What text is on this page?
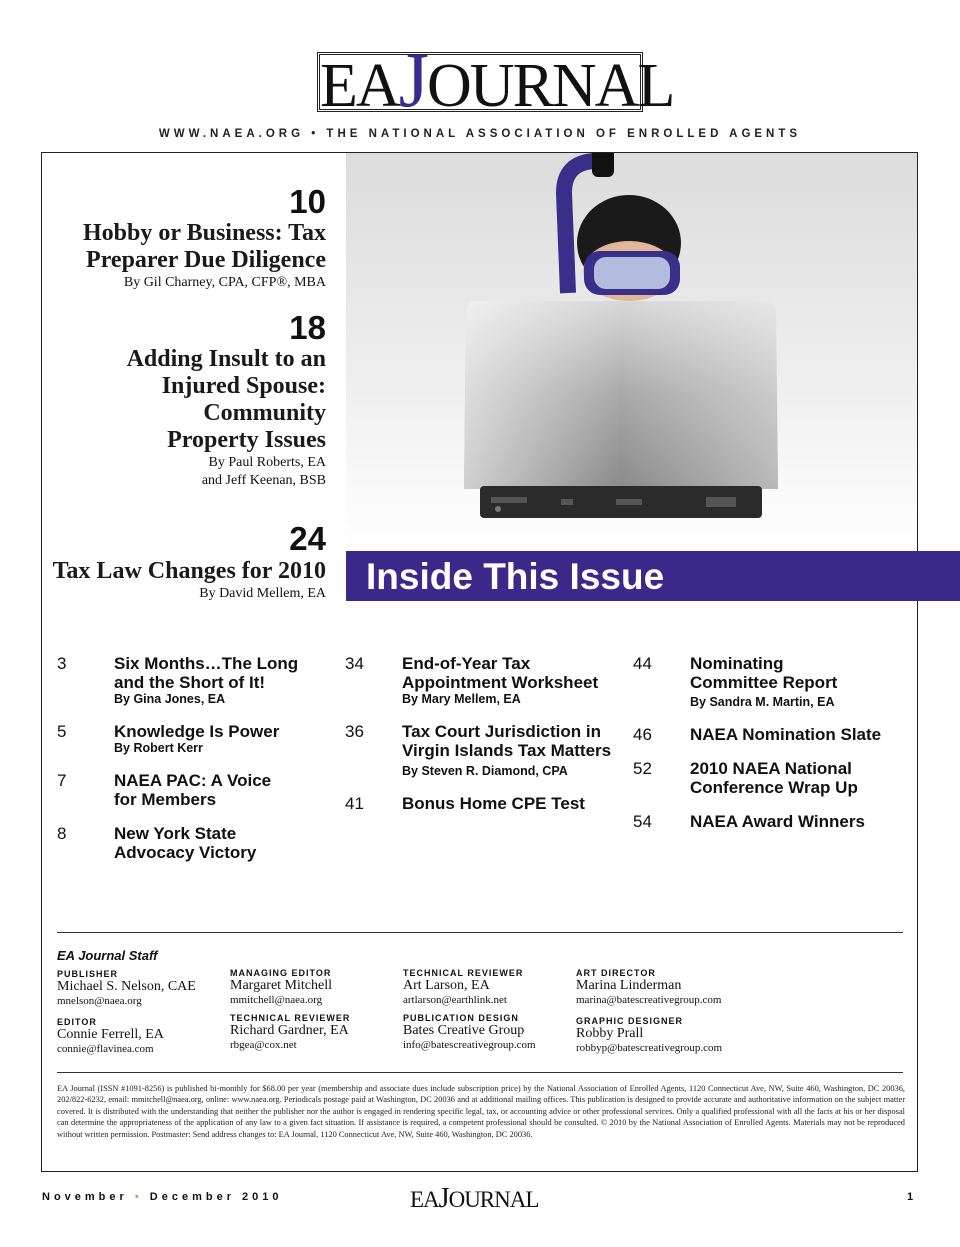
EAJOURNAL
WWW.NAEA.ORG • THE NATIONAL ASSOCIATION OF ENROLLED AGENTS
10
Hobby or Business: Tax
Preparer Due Diligence
By Gil Charney, CPA, CFP®, MBA
18
Adding Insult to an
Injured Spouse:
Community
Property Issues
By Paul Roberts, EA
and Jeff Keenan, BSB
24
Tax Law Changes for 2010
By David Mellem, EA Inside This Issue
3	Six Months…The Long
and the Short of It!
By Gina Jones, EA
5	Knowledge Is Power
By Robert Kerr
7	NAEA PAC: A Voice
for Members
8	New York State
Advocacy Victory
34 End-of-Year Tax
Appointment Worksheet
By Mary Mellem, EA
36 Tax Court Jurisdiction in
Virgin Islands Tax Matters
By Steven R. Diamond, CPA
41 Bonus Home CPE Test
44 Nominating
Committee Report
By Sandra M. Martin, EA
46 NAEA Nomination Slate
52 2010 NAEA National
Conference Wrap Up
54 NAEA Award Winners
EA Journal Staff
PUBLISHER
Michael S. Nelson, CAE
mnelson@naea.org
EDITOR
Connie Ferrell, EA
connie@flavinea.com
MANAGING EDITOR
Margaret Mitchell
mmitchell@naea.org
TECHNICAL REVIEWER
Richard Gardner, EA
rbgea@cox.net
TECHNICAL REVIEWER
Art Larson, EA
artlarson@earthlink.net
PUBLICATION DESIGN
Bates Creative Group
info@batescreativegroup.com
ART DIRECTOR
Marina Linderman
marina@batescreativegroup.com
GRAPHIC DESIGNER
Robby Prall
robbyp@batescreativegroup.com
EA Journal (ISSN #1091-8256) is published bi-monthly for $68.00 per year (membership and associate dues include subscription price) by the National Association of Enrolled Agents, 1120 Connecticut Ave, NW, Suite 460, Washington, DC 20036, 202/822-6232, email: mmitchell@naea.org, online: www.naea.org. Periodicals postage paid at Washington, DC 20036 and at additional mailing offices. This publication is designed to provide accurate and authoritative information on the subject matter covered. It is distributed with the understanding that neither the publisher nor the author is engaged in rendering specific legal, tax, or accounting advice or other professional services. Only a qualified professional with all the facts at his or her disposal can determine the appropriateness of the application of any law to a given fact situation. If assistance is required, a competent professional should be consulted. © 2010 by the National Association of Enrolled Agents. Materials may not be reproduced without written permission. Postmaster: Send address changes to: EA Journal, 1120 Connecticut Ave, NW, Suite 460, Washington, DC 20036.
November • December 2010	EAJOURNAL	1
